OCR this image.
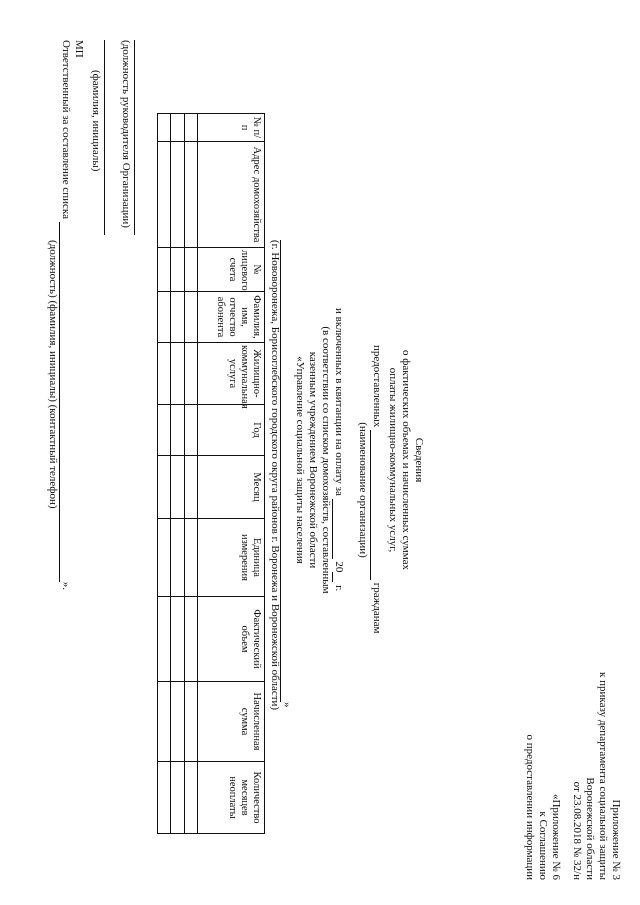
Приложение № 3
к приказу департамента социальной защиты
Воронежской области
от 23.08.2018 № 32/н
«Приложение № 6
к Соглашению
о предоставлении информации
Сведения
о фактических объемах и начисленных суммах
оплаты жилищно-коммунальных услуг,
предоставленных  гражданам
(наименование организации)
и включенных в квитанции на оплату за  20 г.
(в соответствии со списком домохозяйств, составленным
казенным учреждением Воронежской области
«Управление социальной защиты населения
»
(г. Нововоронежа, Борисоглебского городского округа районов г. Воронежа и Воронежской области)
№ п/п	Адрес домохозяйства	№ лицевого счета	Фамилия, имя, отчество абонента	Жилищно-коммунальная услуга	Год	Месяц	Единица измерения	Фактический объем	Начисленная сумма	Количество месяцев неоплаты

(должность руководителя Организации)
(фамилия, инициалы)
МП
Ответственный за составление списка ».
(должность) (фамилия, инициалы) (контактный телефон)
